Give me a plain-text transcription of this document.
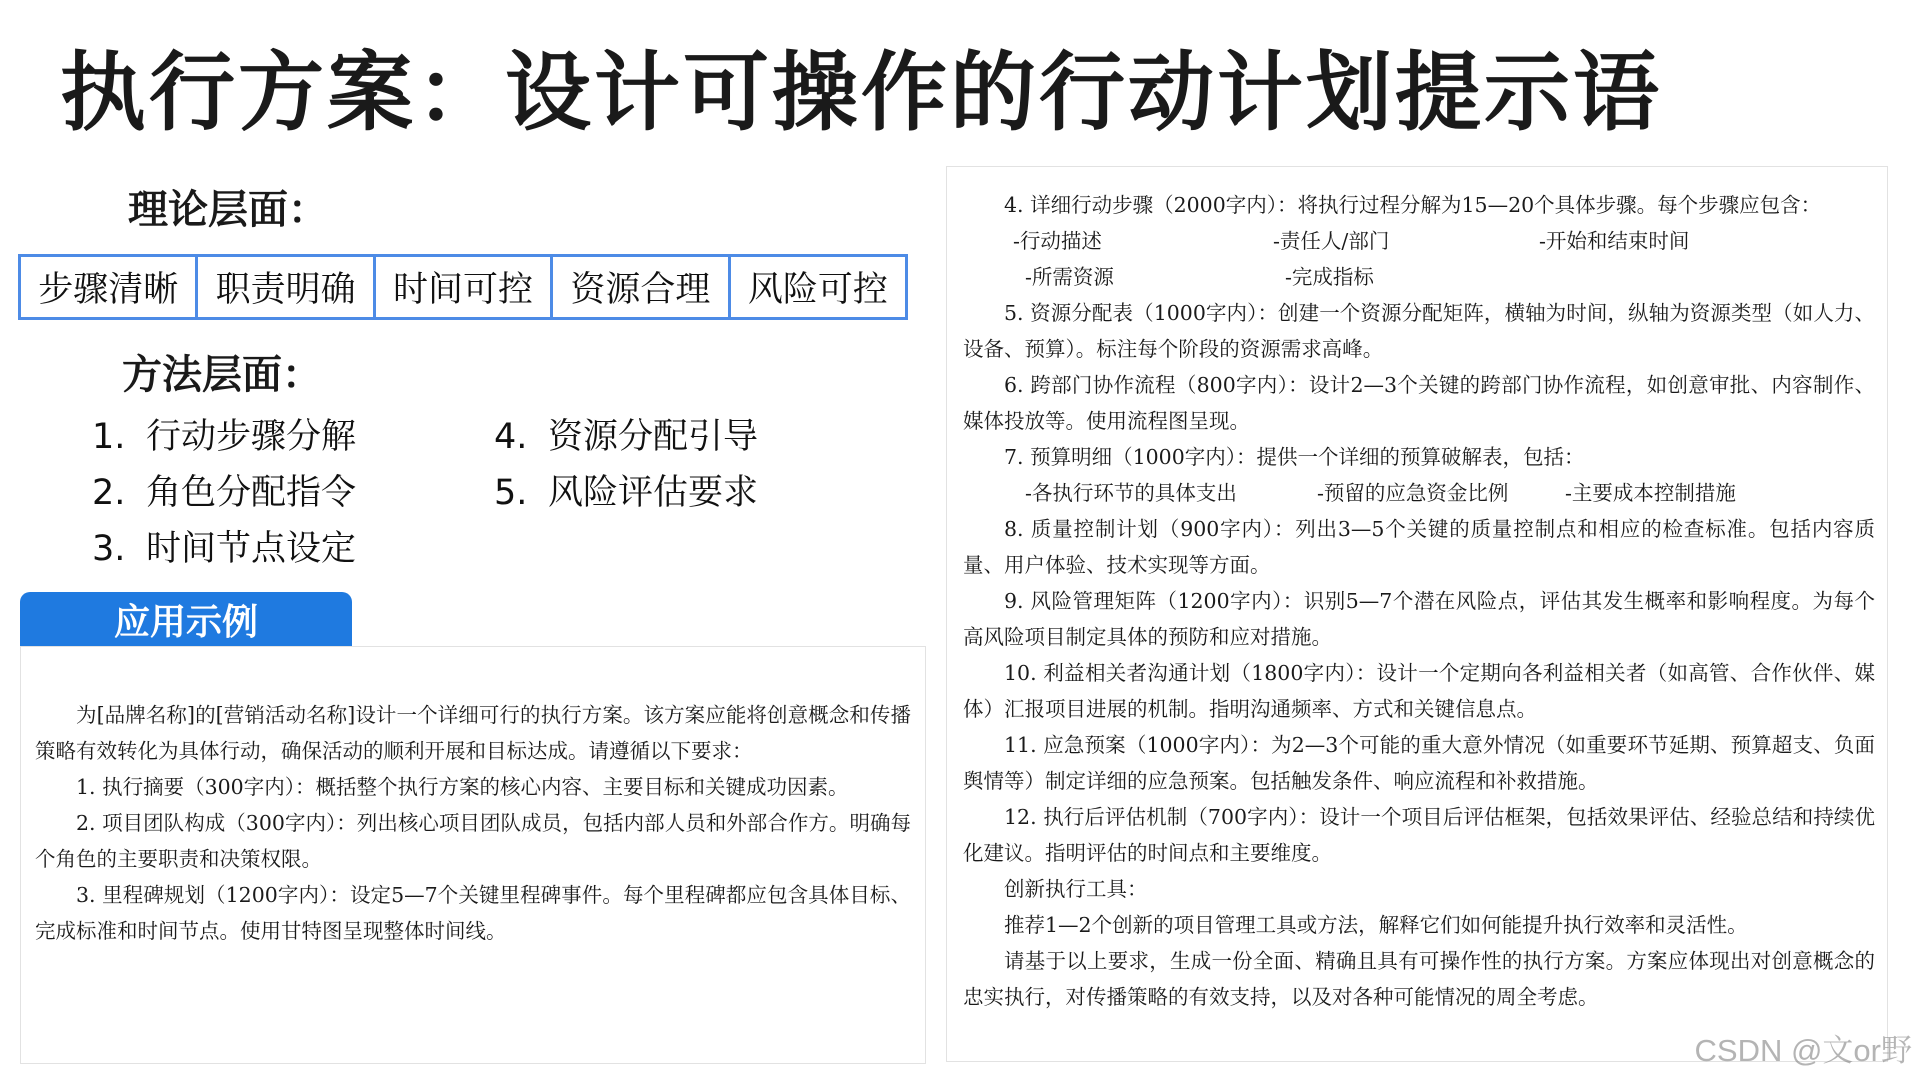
执行方案：设计可操作的行动计划提示语
理论层面：
步骤清晰	职责明确	时间可控	资源合理	风险可控
方法层面：
1. 行动步骤分解
2. 角色分配指令
3. 时间节点设定
4. 资源分配引导
5. 风险评估要求
应用示例

为[品牌名称]的[营销活动名称]设计一个详细可行的执行方案。该方案应能将创意概念和传播策略有效转化为具体行动，确保活动的顺利开展和目标达成。请遵循以下要求：

1. 执行摘要（300字内）：概括整个执行方案的核心内容、主要目标和关键成功因素。

2. 项目团队构成（300字内）：列出核心项目团队成员，包括内部人员和外部合作方。明确每个角色的主要职责和决策权限。

3. 里程碑规划（1200字内）：设定5—7个关键里程碑事件。每个里程碑都应包含具体目标、完成标准和时间节点。使用甘特图呈现整体时间线。

4. 详细行动步骤（2000字内）：将执行过程分解为15—20个具体步骤。每个步骤应包含：

-行动描述	-责任人/部门	-开始和结束时间

-所需资源	-完成指标

5. 资源分配表（1000字内）：创建一个资源分配矩阵，横轴为时间，纵轴为资源类型（如人力、设备、预算）。标注每个阶段的资源需求高峰。

6. 跨部门协作流程（800字内）：设计2—3个关键的跨部门协作流程，如创意审批、内容制作、媒体投放等。使用流程图呈现。

7. 预算明细（1000字内）：提供一个详细的预算破解表，包括：

-各执行环节的具体支出	-预留的应急资金比例	-主要成本控制措施

8. 质量控制计划（900字内）：列出3—5个关键的质量控制点和相应的检查标准。包括内容质量、用户体验、技术实现等方面。

9. 风险管理矩阵（1200字内）：识别5—7个潜在风险点，评估其发生概率和影响程度。为每个高风险项目制定具体的预防和应对措施。

10. 利益相关者沟通计划（1800字内）：设计一个定期向各利益相关者（如高管、合作伙伴、媒体）汇报项目进展的机制。指明沟通频率、方式和关键信息点。

11. 应急预案（1000字内）：为2—3个可能的重大意外情况（如重要环节延期、预算超支、负面舆情等）制定详细的应急预案。包括触发条件、响应流程和补救措施。

12. 执行后评估机制（700字内）：设计一个项目后评估框架，包括效果评估、经验总结和持续优化建议。指明评估的时间点和主要维度。

创新执行工具：

推荐1—2个创新的项目管理工具或方法，解释它们如何能提升执行效率和灵活性。

请基于以上要求，生成一份全面、精确且具有可操作性的执行方案。方案应体现出对创意概念的忠实执行，对传播策略的有效支持，以及对各种可能情况的周全考虑。

CSDN @文or野
